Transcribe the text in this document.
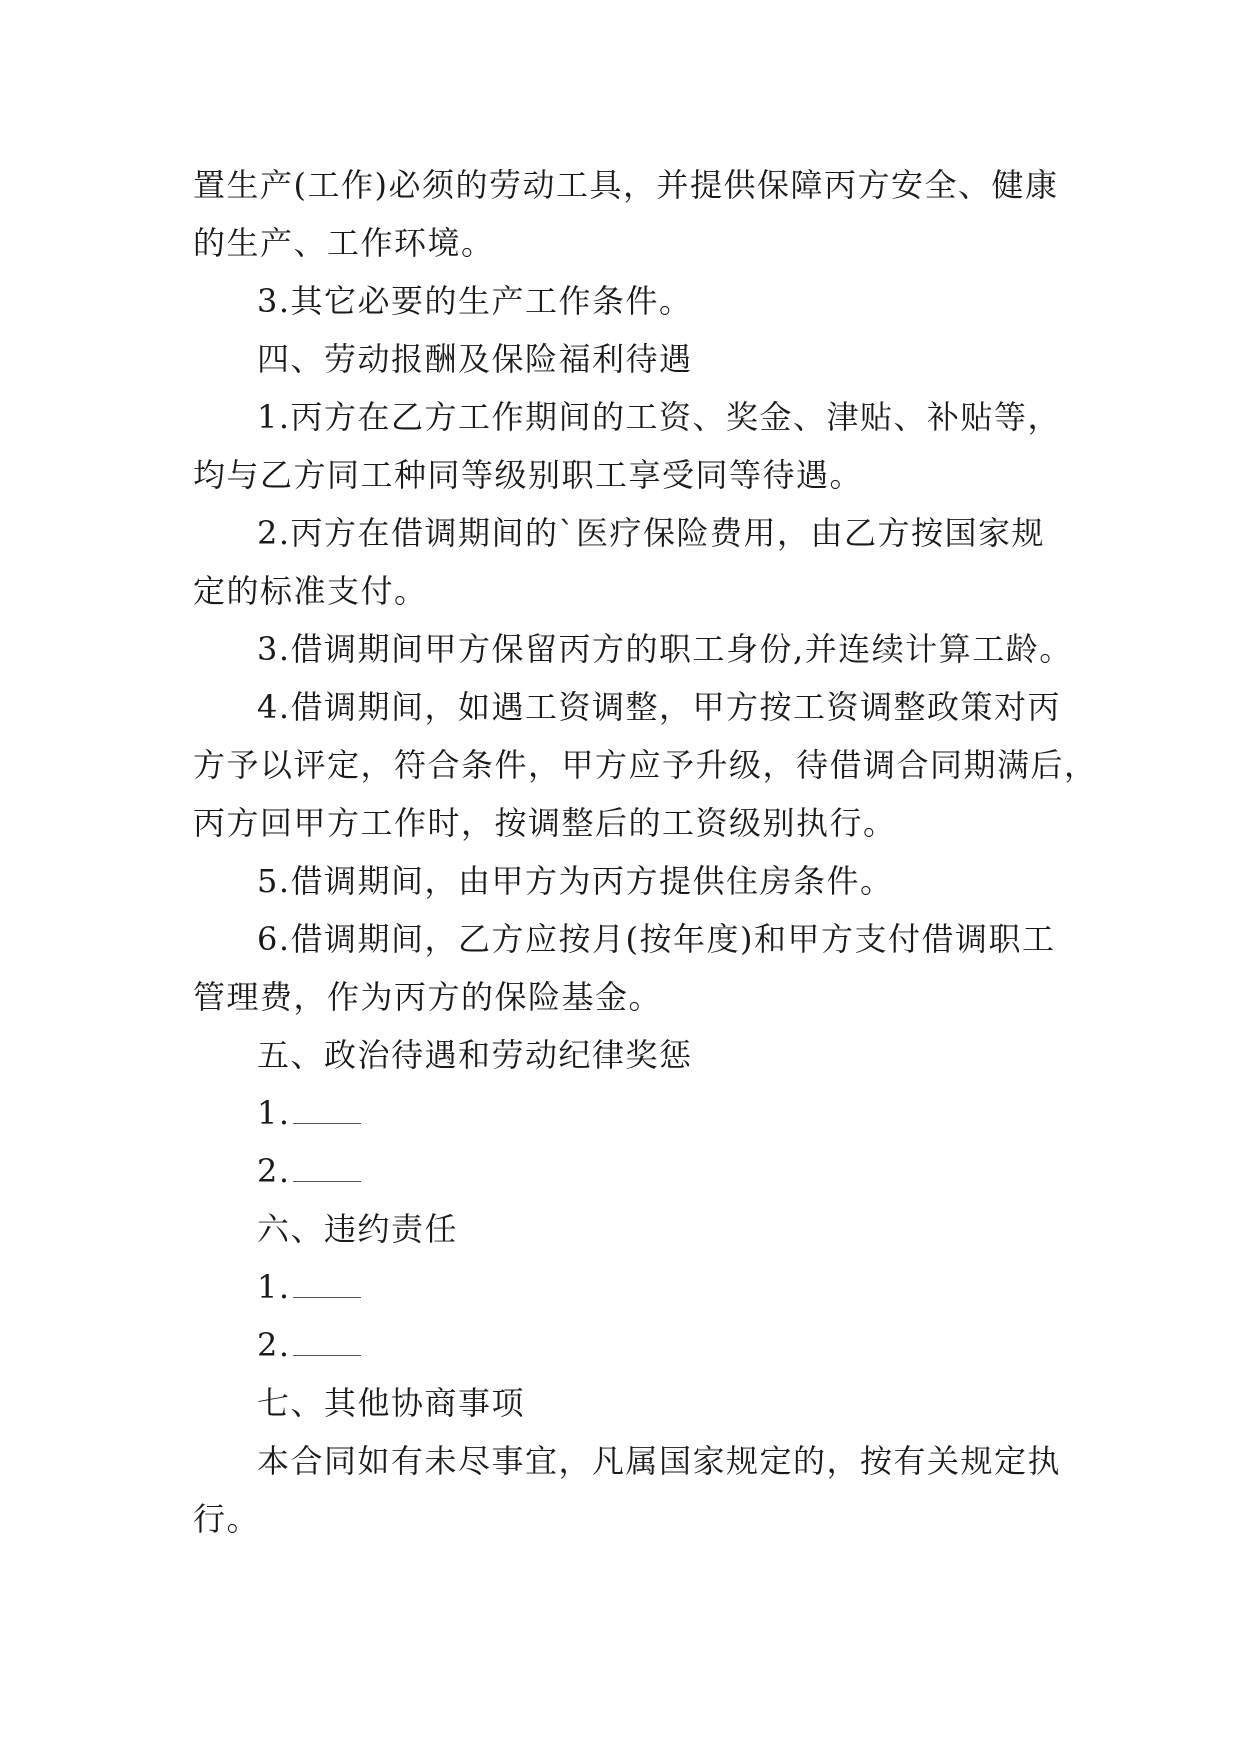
置生产(工作)必须的劳动工具，并提供保障丙方安全、健康
的生产、工作环境。
3.其它必要的生产工作条件。
四、劳动报酬及保险福利待遇
1.丙方在乙方工作期间的工资、奖金、津贴、补贴等，
均与乙方同工种同等级别职工享受同等待遇。
2.丙方在借调期间的`医疗保险费用，由乙方按国家规
定的标准支付。
3.借调期间甲方保留丙方的职工身份,并连续计算工龄。
4.借调期间，如遇工资调整，甲方按工资调整政策对丙
方予以评定，符合条件，甲方应予升级，待借调合同期满后，
丙方回甲方工作时，按调整后的工资级别执行。
5.借调期间，由甲方为丙方提供住房条件。
6.借调期间，乙方应按月(按年度)和甲方支付借调职工
管理费，作为丙方的保险基金。
五、政治待遇和劳动纪律奖惩
1.
2.
六、违约责任
1.
2.
七、其他协商事项
本合同如有未尽事宜，凡属国家规定的，按有关规定执
行。
